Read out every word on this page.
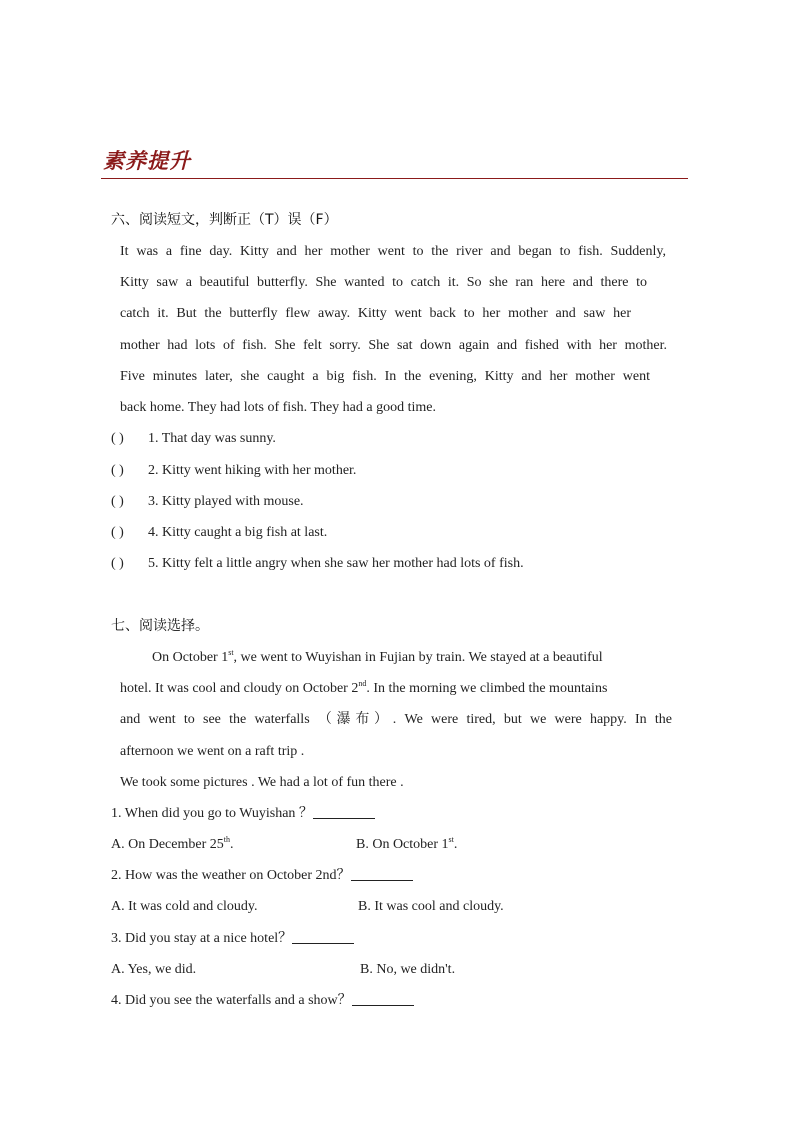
素养提升
六、阅读短文，判断正（T）误（F）
It was a fine day. Kitty and her mother went to the river and began to fish. Suddenly,
Kitty saw a beautiful butterfly. She wanted to catch it. So she ran here and there to
catch it. But the butterfly flew away. Kitty went back to her mother and saw her
mother had lots of fish. She felt sorry. She sat down again and fished with her mother.
Five minutes later, she caught a big fish. In the evening, Kitty and her mother went
back home. They had lots of fish. They had a good time.
( ) 1. That day was sunny.
( ) 2. Kitty went hiking with her mother.
( ) 3. Kitty played with mouse.
( ) 4. Kitty caught a big fish at last.
( ) 5. Kitty felt a little angry when she saw her mother had lots of fish.
七、阅读选择。
On October 1st, we went to Wuyishan in Fujian by train. We stayed at a beautiful
hotel. It was cool and cloudy on October 2nd. In the morning we climbed the mountains
and went to see the waterfalls （瀑布）. We were tired, but we were happy. In the
afternoon we went on a raft trip .
We took some pictures . We had a lot of fun there .
1. When did you go to Wuyishan ？
A. On December 25th.	B. On October 1st.
2. How was the weather on October 2nd？
A. It was cold and cloudy.	B. It was cool and cloudy.
3. Did you stay at a nice hotel？
A. Yes, we did.	B. No, we didn't.
4. Did you see the waterfalls and a show？
